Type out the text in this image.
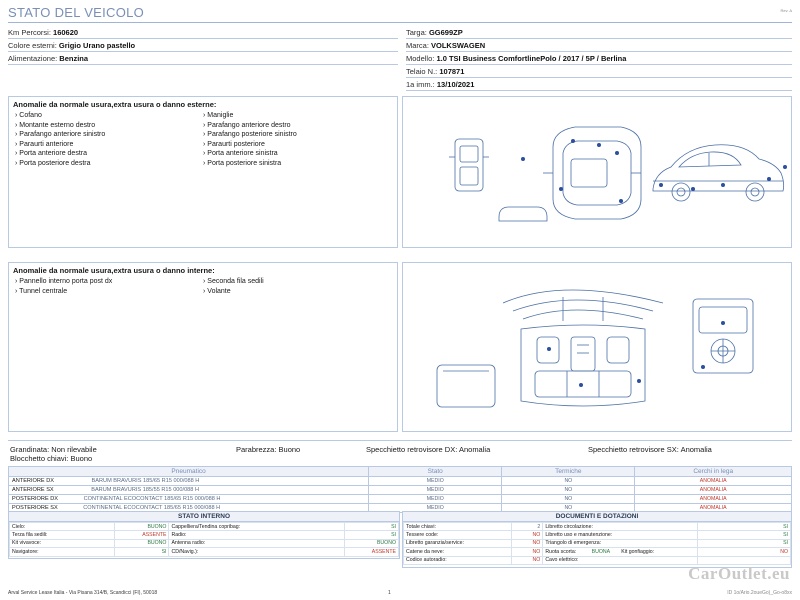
STATO DEL VEICOLO	Rev. A
Km Percorsi: 160620
Colore esterni: Grigio Urano pastello
Alimentazione: Benzina
Targa: GG699ZP
Marca: VOLKSWAGEN
Modello: 1.0 TSI Business ComfortlinePolo / 2017 / 5P / Berlina
Telaio N.: 107871
1a imm.: 13/10/2021
Anomalie da normale usura,extra usura o danno esterne:
› Cofano
› Montante esterno destro
› Parafango anteriore sinistro
› Paraurti anteriore
› Porta anteriore destra
› Porta posteriore destra
› Maniglie
› Parafango anteriore destro
› Parafango posteriore sinistro
› Paraurti posteriore
› Porta anteriore sinistra
› Porta posteriore sinistra
Anomalie da normale usura,extra usura o danno interne:
› Pannello interno porta post dx
› Tunnel centrale
› Seconda fila sedili
› Volante
Grandinata: Non rilevabile	Parabrezza: Buono	Specchietto retrovisore DX: Anomalia	Specchietto retrovisore SX: Anomalia
Blocchetto chiavi: Buono
Pneumatico	Stato	Termiche	Cerchi in lega
ANTERIORE DX BARUM BRAVURIS 185/65 R15 000/088 H	MEDIO	NO	ANOMALIA
ANTERIORE SX BARUM BRAVURIS 185/55 R15 000/088 H	MEDIO	NO	ANOMALIA
POSTERIORE DX CONTINENTAL ECOCONTACT 185/65 R15 000/088 H	MEDIO	NO	ANOMALIA
POSTERIORE SX CONTINENTAL ECOCONTACT 185/65 R15 000/088 H	MEDIO	NO	ANOMALIA
STATO INTERNO
Cielo:	BUONO	Cappelliera/Tendina copribag:	SI
Terza fila sedili:	ASSENTE	Radio:	SI
Kit vivavoce:	BUONO	Antenna radio:	BUONO
Navigatore:	SI	CD/Navig.):	ASSENTE
DOCUMENTI E DOTAZIONI
Totale chiavi:	2	Libretto circolazione:	SI
Tessere code:	NO	Libretto uso e manutenzione:	SI
Libretto garanzia/service:	NO	Triangolo di emergenza:	SI
Catene da neve:	NO	Ruota scorta: BUONA Kit gonfiaggio:	NO
Codice autoradio:	NO	Cavo elettrico:	
CarOutlet.eu
Arval Service Lease Italia - Via Pisana 314/B, Scandicci (FI), 50018	1	ID 1o/Ario.2oueGo)_Go-o8xx
